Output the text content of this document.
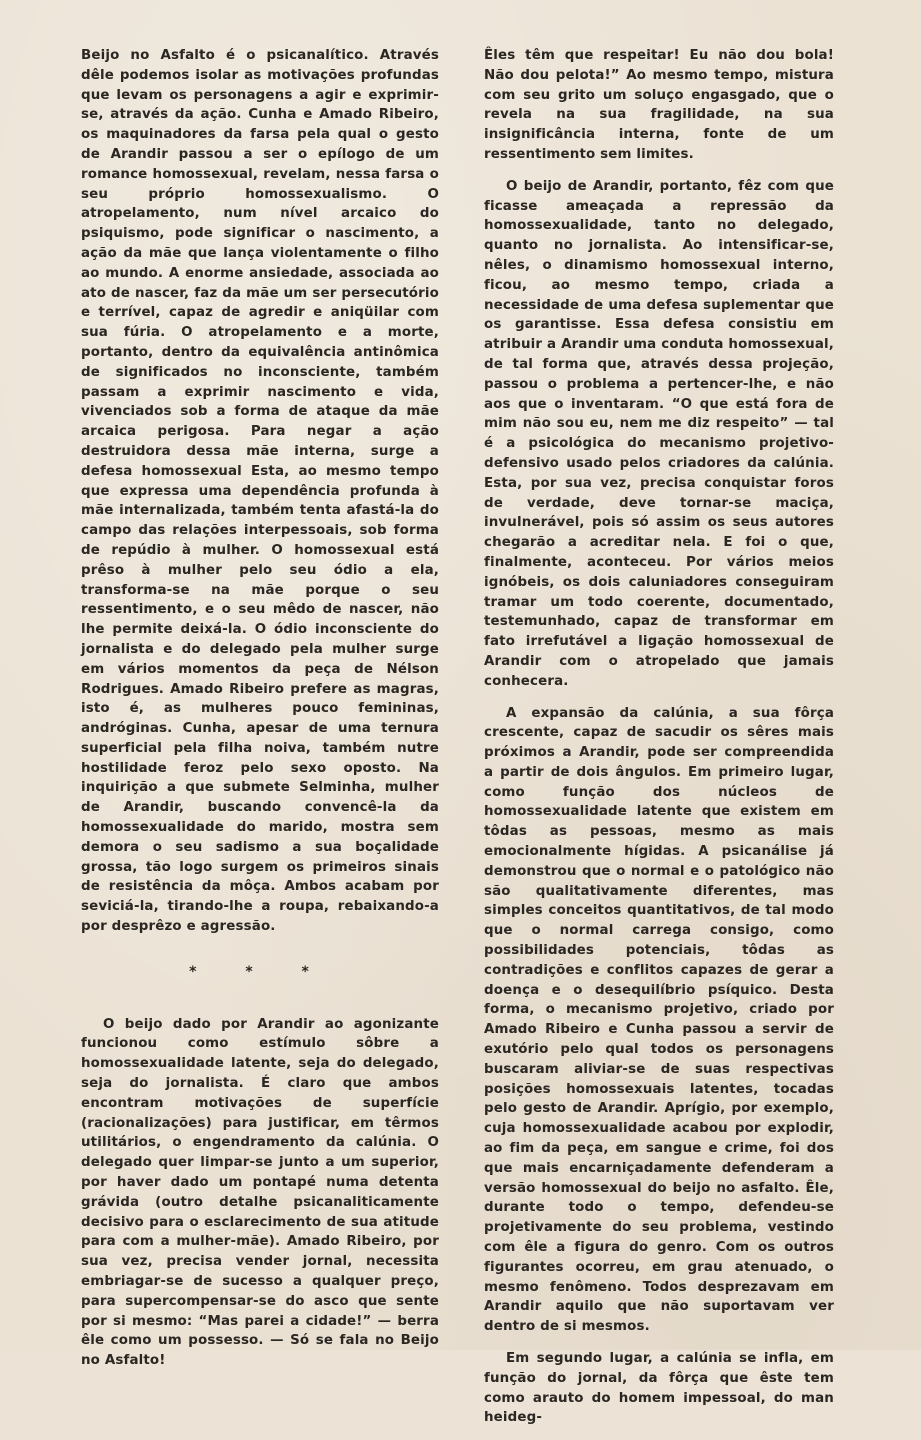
Beijo no Asfalto é o psicanalítico. Através dêle podemos isolar as motivações profundas que levam os personagens a agir e exprimir-se, através da ação. Cunha e Amado Ribeiro, os maquinadores da farsa pela qual o gesto de Arandir passou a ser o epílogo de um romance homossexual, revelam, nessa farsa o seu próprio homossexualismo. O atropelamento, num nível arcaico do psiquismo, pode significar o nascimento, a ação da mãe que lança violentamente o filho ao mundo. A enorme ansiedade, associada ao ato de nascer, faz da mãe um ser persecutório e terrível, capaz de agredir e aniqüilar com sua fúria. O atropelamento e a morte, portanto, dentro da equivalência antinômica de significados no inconsciente, também passam a exprimir nascimento e vida, vivenciados sob a forma de ataque da mãe arcaica perigosa. Para negar a ação destruidora dessa mãe interna, surge a defesa homossexual Esta, ao mesmo tempo que expressa uma dependência profunda à mãe internalizada, também tenta afastá-la do campo das relações interpessoais, sob forma de repúdio à mulher. O homossexual está prêso à mulher pelo seu ódio a ela, transforma-se na mãe porque o seu ressentimento, e o seu mêdo de nascer, não lhe permite deixá-la. O ódio inconsciente do jornalista e do delegado pela mulher surge em vários momentos da peça de Nélson Rodrigues. Amado Ribeiro prefere as magras, isto é, as mulheres pouco femininas, andróginas. Cunha, apesar de uma ternura superficial pela filha noiva, também nutre hostilidade feroz pelo sexo oposto. Na inquirição a que submete Selminha, mulher de Arandir, buscando convencê-la da homossexualidade do marido, mostra sem demora o seu sadismo a sua boçalidade grossa, tão logo surgem os primeiros sinais de resistência da môça. Ambos acabam por seviciá-la, tirando-lhe a roupa, rebaixando-a por desprêzo e agressão.

* * *

O beijo dado por Arandir ao agonizante funcionou como estímulo sôbre a homossexualidade latente, seja do delegado, seja do jornalista. É claro que ambos encontram motivações de superfície (racionalizações) para justificar, em têrmos utilitários, o engendramento da calúnia. O delegado quer limpar-se junto a um superior, por haver dado um pontapé numa detenta grávida (outro detalhe psicanaliticamente decisivo para o esclarecimento de sua atitude para com a mulher-mãe). Amado Ribeiro, por sua vez, precisa vender jornal, necessita embriagar-se de sucesso a qualquer preço, para supercompensar-se do asco que sente por si mesmo: “Mas parei a cidade!” — berra êle como um possesso. — Só se fala no Beijo no Asfalto!

Êles têm que respeitar! Eu não dou bola! Não dou pelota!” Ao mesmo tempo, mistura com seu grito um soluço engasgado, que o revela na sua fragilidade, na sua insignificância interna, fonte de um ressentimento sem limites.

O beijo de Arandir, portanto, fêz com que ficasse ameaçada a repressão da homossexualidade, tanto no delegado, quanto no jornalista. Ao intensificar-se, nêles, o dinamismo homossexual interno, ficou, ao mesmo tempo, criada a necessidade de uma defesa suplementar que os garantisse. Essa defesa consistiu em atribuir a Arandir uma conduta homossexual, de tal forma que, através dessa projeção, passou o problema a pertencer-lhe, e não aos que o inventaram. “O que está fora de mim não sou eu, nem me diz respeito” — tal é a psicológica do mecanismo projetivo-defensivo usado pelos criadores da calúnia. Esta, por sua vez, precisa conquistar foros de verdade, deve tornar-se maciça, invulnerável, pois só assim os seus autores chegarão a acreditar nela. E foi o que, finalmente, aconteceu. Por vários meios ignóbeis, os dois caluniadores conseguiram tramar um todo coerente, documentado, testemunhado, capaz de transformar em fato irrefutável a ligação homossexual de Arandir com o atropelado que jamais conhecera.

A expansão da calúnia, a sua fôrça crescente, capaz de sacudir os sêres mais próximos a Arandir, pode ser compreendida a partir de dois ângulos. Em primeiro lugar, como função dos núcleos de homossexualidade latente que existem em tôdas as pessoas, mesmo as mais emocionalmente hígidas. A psicanálise já demonstrou que o normal e o patológico não são qualitativamente diferentes, mas simples conceitos quantitativos, de tal modo que o normal carrega consigo, como possibilidades potenciais, tôdas as contradições e conflitos capazes de gerar a doença e o desequilíbrio psíquico. Desta forma, o mecanismo projetivo, criado por Amado Ribeiro e Cunha passou a servir de exutório pelo qual todos os personagens buscaram aliviar-se de suas respectivas posições homossexuais latentes, tocadas pelo gesto de Arandir. Aprígio, por exemplo, cuja homossexualidade acabou por explodir, ao fim da peça, em sangue e crime, foi dos que mais encarniçadamente defenderam a versão homossexual do beijo no asfalto. Êle, durante todo o tempo, defendeu-se projetivamente do seu problema, vestindo com êle a figura do genro. Com os outros figurantes ocorreu, em grau atenuado, o mesmo fenômeno. Todos desprezavam em Arandir aquilo que não suportavam ver dentro de si mesmos.

Em segundo lugar, a calúnia se infla, em função do jornal, da fôrça que êste tem como arauto do homem impessoal, do man heideg-
